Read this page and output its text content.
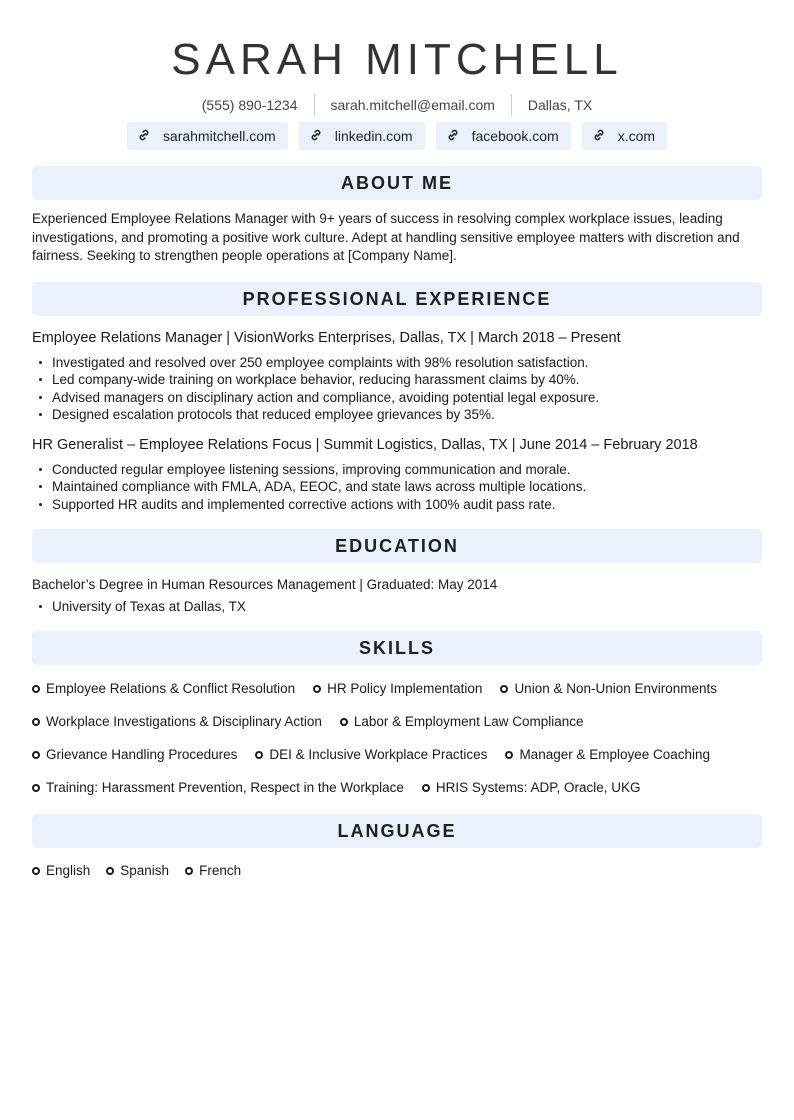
SARAH MITCHELL
(555) 890-1234	sarah.mitchell@email.com	Dallas, TX
sarahmitchell.com	linkedin.com	facebook.com	x.com
ABOUT ME

Experienced Employee Relations Manager with 9+ years of success in resolving complex workplace issues, leading investigations, and promoting a positive work culture. Adept at handling sensitive employee matters with discretion and fairness. Seeking to strengthen people operations at [Company Name].

PROFESSIONAL EXPERIENCE
Employee Relations Manager | VisionWorks Enterprises, Dallas, TX | March 2018 – Present
Investigated and resolved over 250 employee complaints with 98% resolution satisfaction.
Led company-wide training on workplace behavior, reducing harassment claims by 40%.
Advised managers on disciplinary action and compliance, avoiding potential legal exposure.
Designed escalation protocols that reduced employee grievances by 35%.
HR Generalist – Employee Relations Focus | Summit Logistics, Dallas, TX | June 2014 – February 2018
Conducted regular employee listening sessions, improving communication and morale.
Maintained compliance with FMLA, ADA, EEOC, and state laws across multiple locations.
Supported HR audits and implemented corrective actions with 100% audit pass rate.
EDUCATION
Bachelor’s Degree in Human Resources Management | Graduated: May 2014
University of Texas at Dallas, TX
SKILLS
Employee Relations & Conflict Resolution HR Policy Implementation Union & Non-Union Environments
Workplace Investigations & Disciplinary Action Labor & Employment Law Compliance
Grievance Handling Procedures DEI & Inclusive Workplace Practices Manager & Employee Coaching
Training: Harassment Prevention, Respect in the Workplace HRIS Systems: ADP, Oracle, UKG
LANGUAGE
English Spanish French
